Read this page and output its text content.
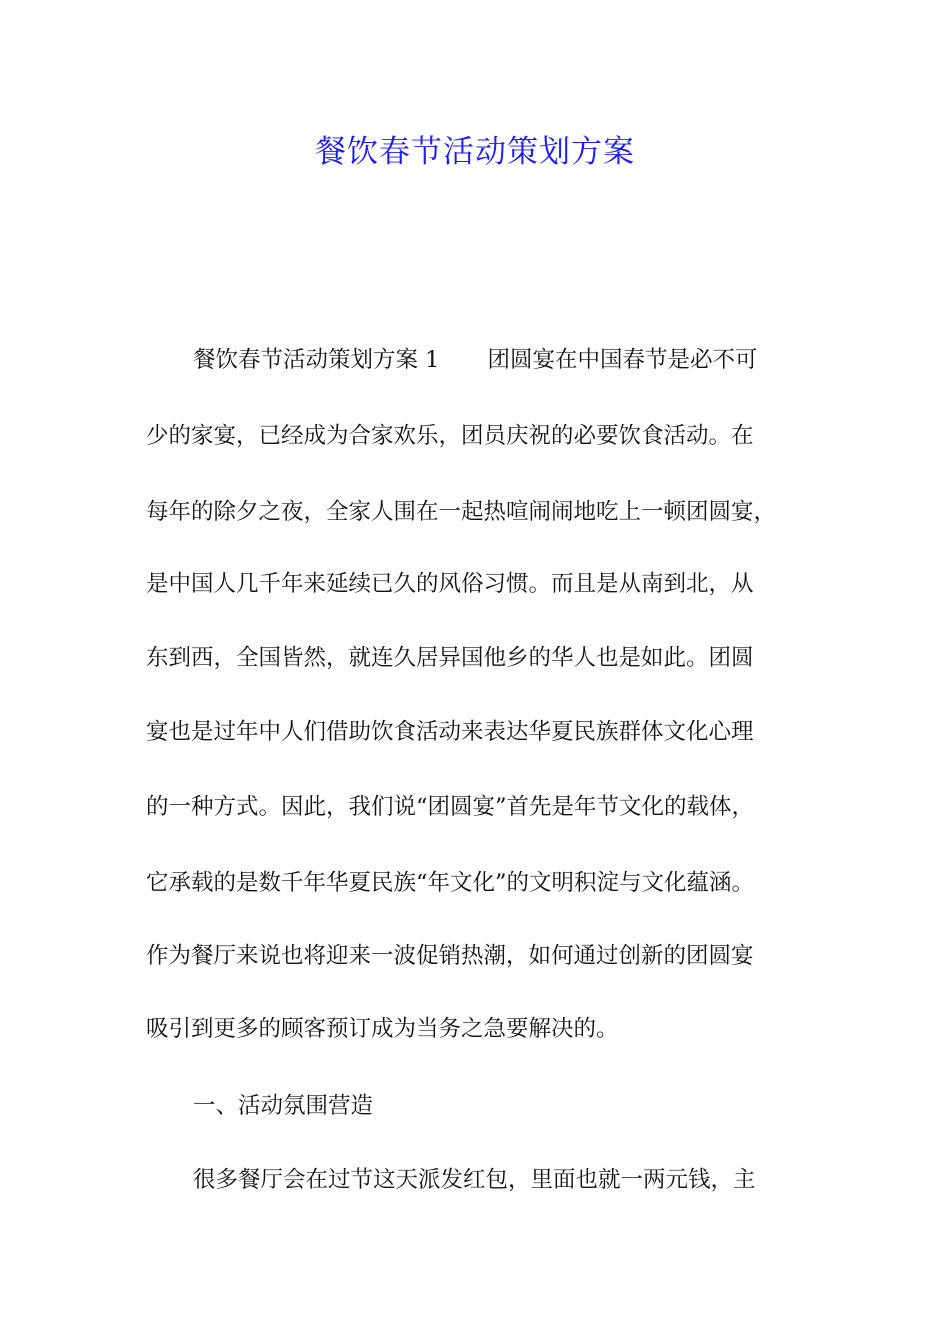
餐饮春节活动策划方案

餐饮春节活动策划方案 1 团圆宴在中国春节是必不可

少的家宴，已经成为合家欢乐，团员庆祝的必要饮食活动。在

每年的除夕之夜，全家人围在一起热喧闹闹地吃上一顿团圆宴，

是中国人几千年来延续已久的风俗习惯。而且是从南到北，从

东到西，全国皆然，就连久居异国他乡的华人也是如此。团圆

宴也是过年中人们借助饮食活动来表达华夏民族群体文化心理

的一种方式。因此，我们说“团圆宴”首先是年节文化的载体，

它承载的是数千年华夏民族“年文化”的文明积淀与文化蕴涵。

作为餐厅来说也将迎来一波促销热潮，如何通过创新的团圆宴

吸引到更多的顾客预订成为当务之急要解决的。

一、活动氛围营造

很多餐厅会在过节这天派发红包，里面也就一两元钱，主
